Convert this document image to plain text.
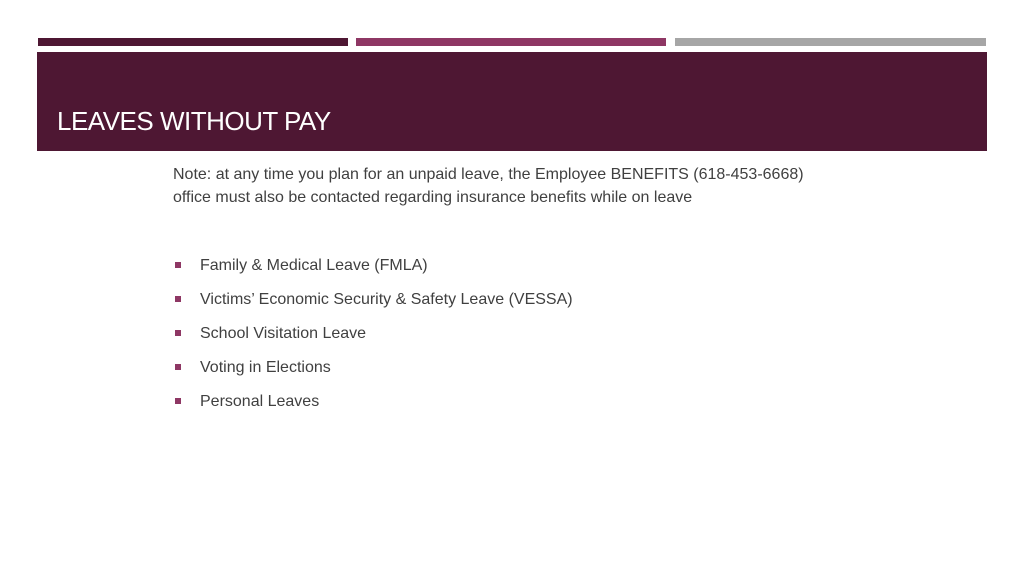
LEAVES WITHOUT PAY

Note: at any time you plan for an unpaid leave, the Employee BENEFITS (618-453-6668) office must also be contacted regarding insurance benefits while on leave

Family & Medical Leave (FMLA)
Victims’ Economic Security & Safety Leave (VESSA)
School Visitation Leave
Voting in Elections
Personal Leaves
